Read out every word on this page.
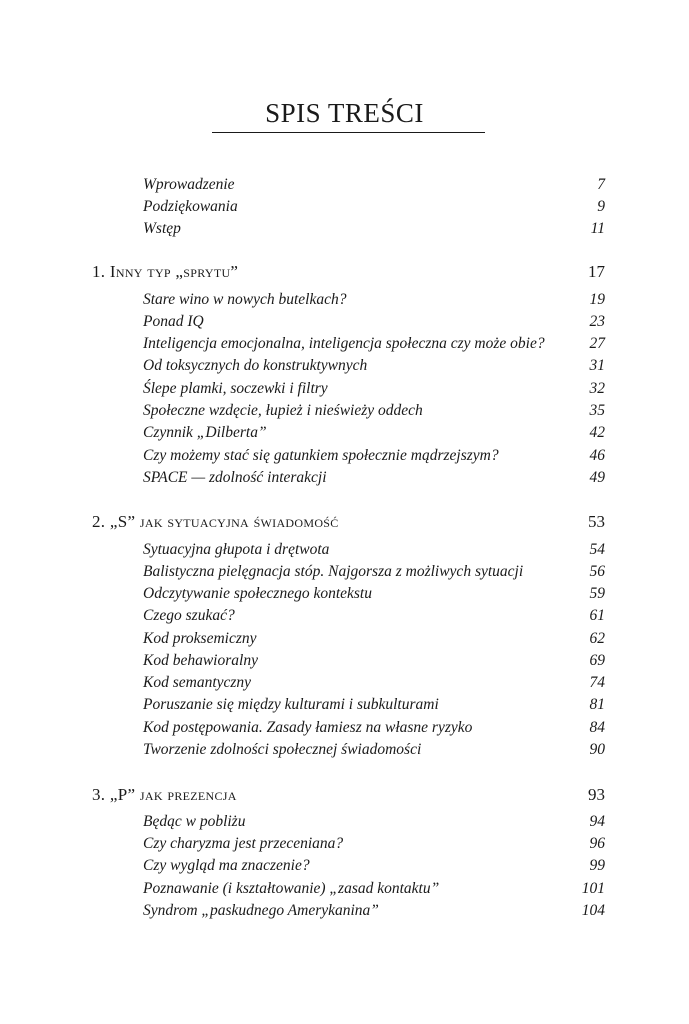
SPIS TREŚCI
Wprowadzenie	7
Podziękowania	9
Wstęp	11
1. Inny typ „sprytu”	17
Stare wino w nowych butelkach?	19
Ponad IQ	23
Inteligencja emocjonalna, inteligencja społeczna czy może obie?	27
Od toksycznych do konstruktywnych	31
Ślepe plamki, soczewki i filtry	32
Społeczne wzdęcie, łupież i nieświeży oddech	35
Czynnik „Dilberta”	42
Czy możemy stać się gatunkiem społecznie mądrzejszym?	46
SPACE — zdolność interakcji	49
2. „S” jak sytuacyjna świadomość	53
Sytuacyjna głupota i drętwota	54
Balistyczna pielęgnacja stóp. Najgorsza z możliwych sytuacji	56
Odczytywanie społecznego kontekstu	59
Czego szukać?	61
Kod proksemiczny	62
Kod behawioralny	69
Kod semantyczny	74
Poruszanie się między kulturami i subkulturami	81
Kod postępowania. Zasady łamiesz na własne ryzyko	84
Tworzenie zdolności społecznej świadomości	90
3. „P” jak prezencja	93
Będąc w pobliżu	94
Czy charyzma jest przeceniana?	96
Czy wygląd ma znaczenie?	99
Poznawanie (i kształtowanie) „zasad kontaktu”	101
Syndrom „paskudnego Amerykanina”	104
